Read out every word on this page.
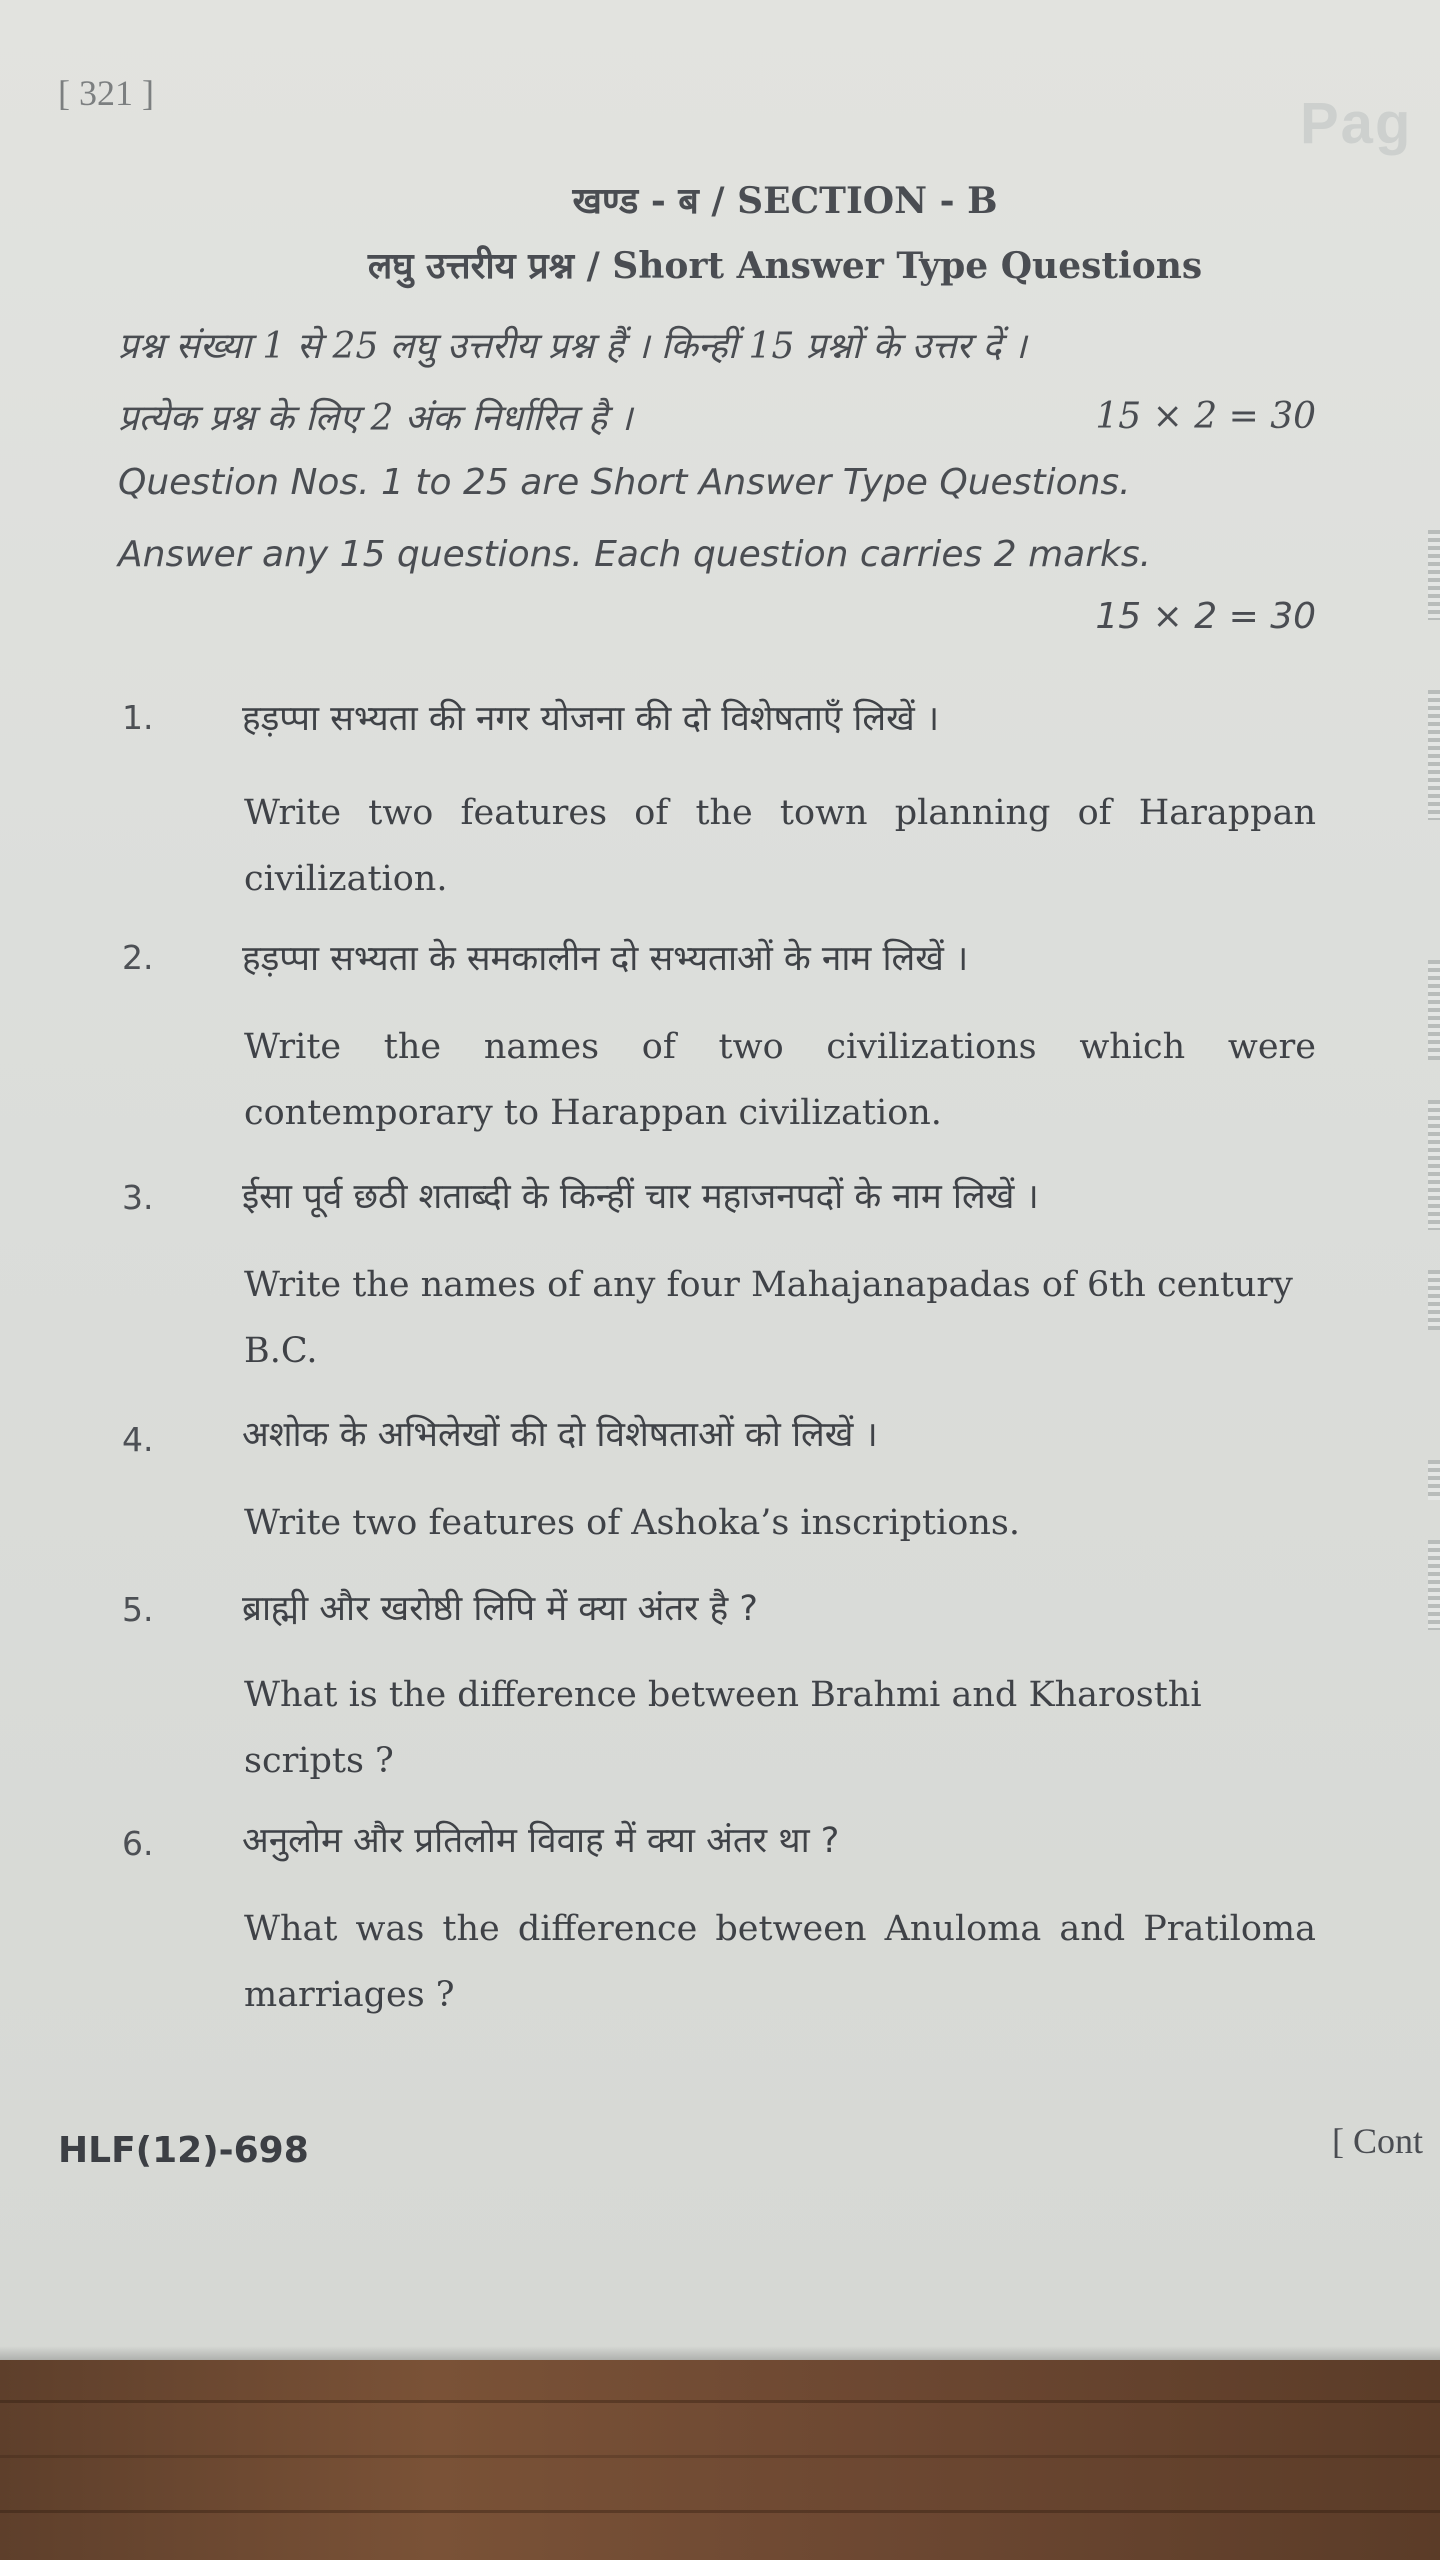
[ 321 ]	Pag
खण्ड - ब / SECTION - B
लघु उत्तरीय प्रश्न / Short Answer Type Questions
प्रश्न संख्या 1 से 25 लघु उत्तरीय प्रश्न हैं । किन्हीं 15 प्रश्नों के उत्तर दें ।
प्रत्येक प्रश्न के लिए 2 अंक निर्धारित है ।	15 × 2 = 30
Question Nos. 1 to 25 are Short Answer Type Questions.
Answer any 15 questions. Each question carries 2 marks.
15 × 2 = 30
1.	हड़प्पा सभ्यता की नगर योजना की दो विशेषताएँ लिखें ।
Write two features of the town planning of Harappan civilization.
2.	हड़प्पा सभ्यता के समकालीन दो सभ्यताओं के नाम लिखें ।
Write the names of two civilizations which were contemporary to Harappan civilization.
3.	ईसा पूर्व छठी शताब्दी के किन्हीं चार महाजनपदों के नाम लिखें ।
Write the names of any four Mahajanapadas of 6th century B.C.
4.	अशोक के अभिलेखों की दो विशेषताओं को लिखें ।
Write two features of Ashoka’s inscriptions.
5.	ब्राह्मी और खरोष्ठी लिपि में क्या अंतर है ?
What is the difference between Brahmi and Kharosthi scripts ?
6.	अनुलोम और प्रतिलोम विवाह में क्या अंतर था ?
What was the difference between Anuloma and Pratiloma marriages ?
HLF(12)-698	[ Cont
